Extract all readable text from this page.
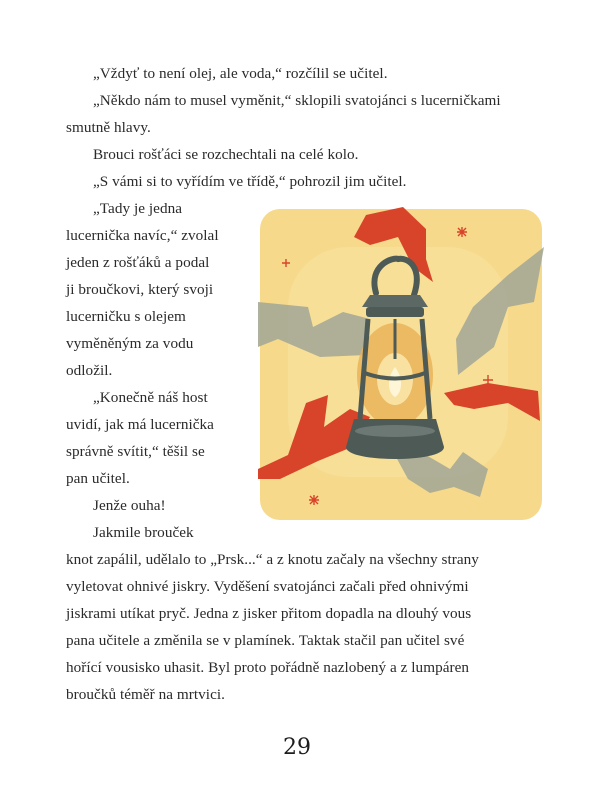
„Vždyť to není olej, ale voda,“ rozčílil se učitel.
„Někdo nám to musel vyměnit,“ sklopili svatojánci s lucerničkami
smutně hlavy.
Brouci rošťáci se rozchechtali na celé kolo.
„S vámi si to vyřídím ve třídě,“ pohrozil jim učitel.
„Tady je jedna
lucernička navíc,“ zvolal
jeden z rošťáků a podal
ji broučkovi, který svoji
lucerničku s olejem
vyměněným za vodu
odložil.
„Konečně náš host
uvidí, jak má lucernička
správně svítit,“ těšil se
pan učitel.
Jenže ouha!
Jakmile brouček
knot zapálil, udělalo to „Prsk...“ a z knotu začaly na všechny strany
vyletovat ohnivé jiskry. Vyděšení svatojánci začali před ohnivými
jiskrami utíkat pryč. Jedna z jisker přitom dopadla na dlouhý vous
pana učitele a změnila se v plamínek. Taktak stačil pan učitel své
hořící vousisko uhasit. Byl proto pořádně nazlobený a z lumpáren
broučků téměř na mrtvici.
29
